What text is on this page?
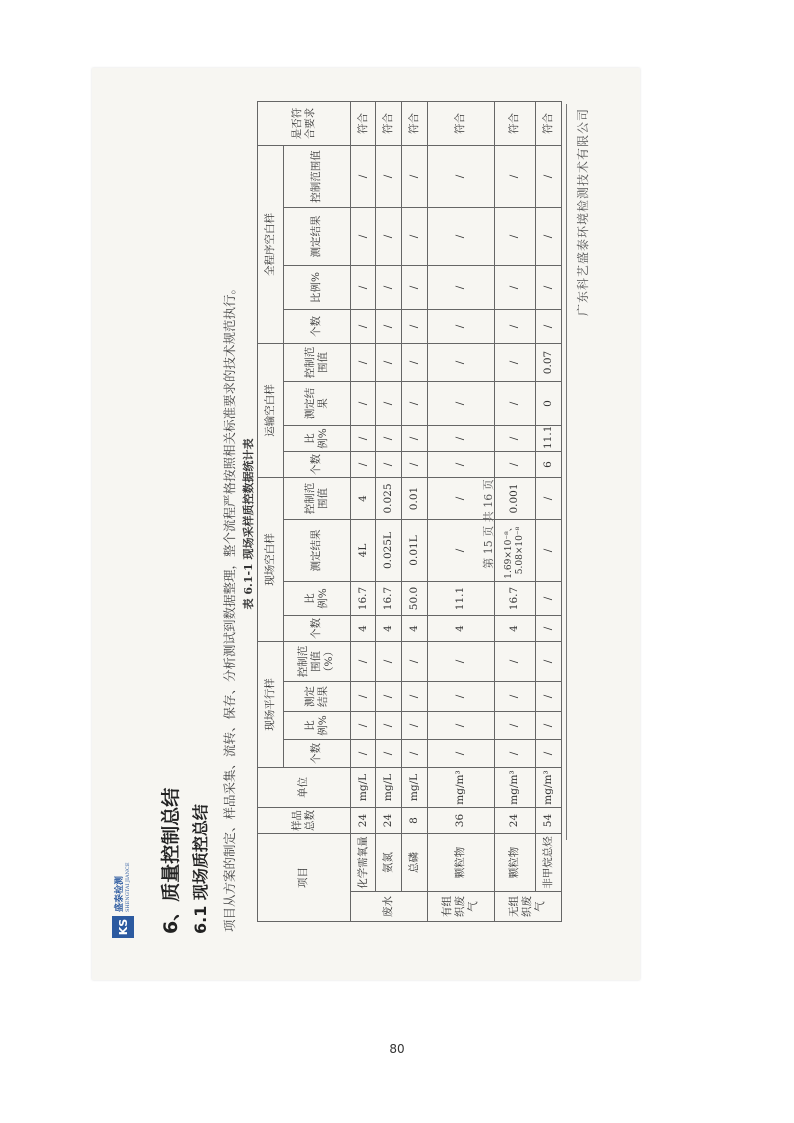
KS
盛泰检测 SHENGTAI JIANCE 6、质量控制总结 6.1 现场质控总结 项目从方案的制定、样品采集、流转、保存、分析测试到数据整理，整个流程严格按照相关标准要求的技术规范执行。 表 6.1-1 现场采样质控数据统计表
项目		样品总数	单位	现场平行样				现场空白样				运输空白样				全程序空白样				是否符合要求
				个数	比例%	测定结果	控制范围值（%）	个数	比例%	测定结果	控制范围值	个数	比例%	测定结果	控制范围值	个数	比例%	测定结果	控制范围值	
废水	化学需氧量	24	mg/L	/	/	/	/	4	16.7	4L	4	/	/	/	/	/	/	/	/	符合
	氨氮	24	mg/L	/	/	/	/	4	16.7	0.025L	0.025	/	/	/	/	/	/	/	/	符合
	总磷	8	mg/L	/	/	/	/	4	50.0	0.01L	0.01	/	/	/	/	/	/	/	/	符合
有组织废气	颗粒物	36	mg/m³	/	/	/	/	4	11.1	/	/	/	/	/	/	/	/	/	/	符合
无组织废气	颗粒物	24	mg/m³	/	/	/	/	4	16.7	1.69×10⁻⁸、5.08×10⁻⁸	0.001	/	/	/	/	/	/	/	/	符合
	非甲烷总烃	54	mg/m³	/	/	/	/	/	/	/	/	6	11.1	0	0.07	/	/	/	/	符合 广东科艺盛泰环境检测技术有限公司
第 15 页 共 16 页
80
